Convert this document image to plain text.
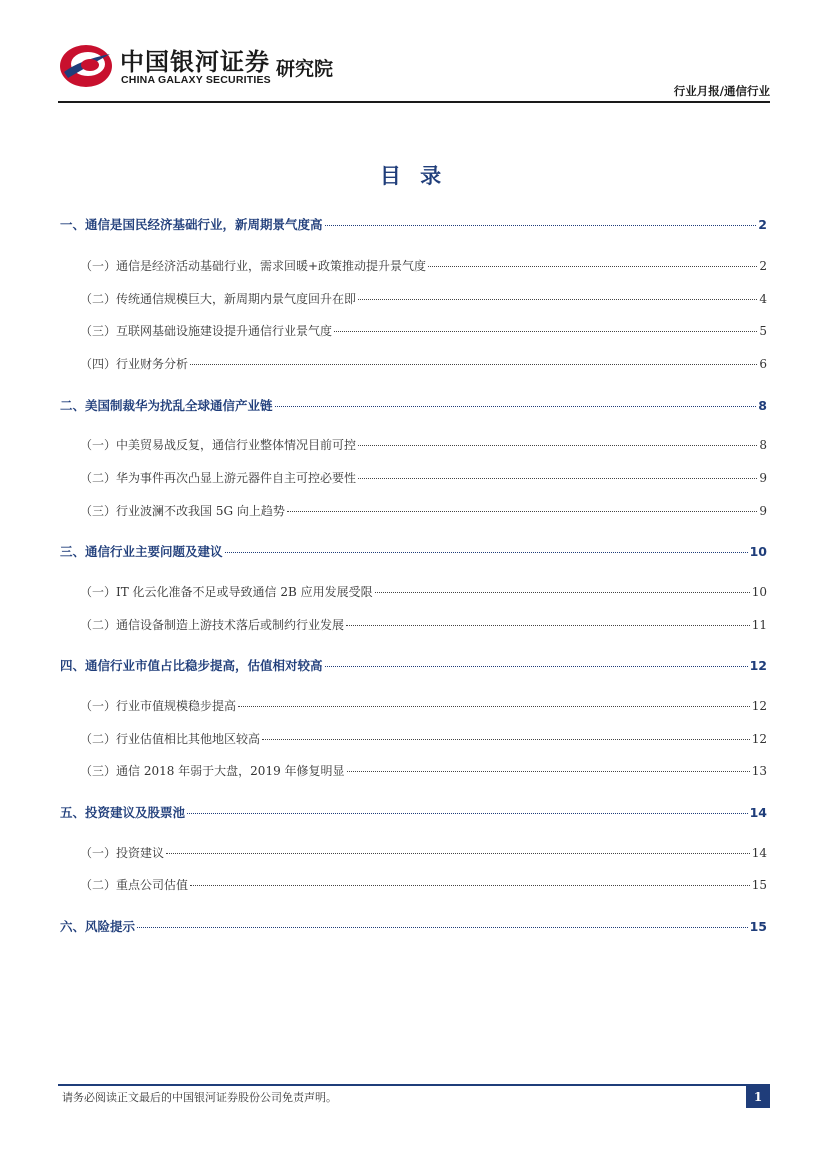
中国银河证券
CHINA GALAXY SECURITIES 研究院
行业月报/通信行业
目 录
一、通信是国民经济基础行业，新周期景气度高	2
（一）通信是经济活动基础行业，需求回暖+政策推动提升景气度	2
（二）传统通信规模巨大，新周期内景气度回升在即	4
（三）互联网基础设施建设提升通信行业景气度	5
（四）行业财务分析	6
二、美国制裁华为扰乱全球通信产业链	8
（一）中美贸易战反复，通信行业整体情况目前可控	8
（二）华为事件再次凸显上游元器件自主可控必要性	9
（三）行业波澜不改我国 5G 向上趋势	9
三、通信行业主要问题及建议	10
（一）IT 化云化准备不足或导致通信 2B 应用发展受限	10
（二）通信设备制造上游技术落后或制约行业发展	11
四、通信行业市值占比稳步提高，估值相对较高	12
（一）行业市值规模稳步提高	12
（二）行业估值相比其他地区较高	12
（三）通信 2018 年弱于大盘，2019 年修复明显	13
五、投资建议及股票池	14
（一）投资建议	14
（二）重点公司估值	15
六、风险提示	15
请务必阅读正文最后的中国银河证券股份公司免责声明。	1
